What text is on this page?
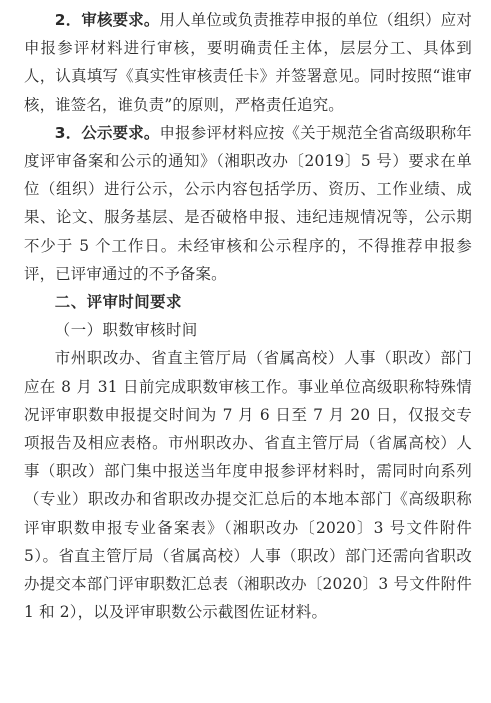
2．审核要求。用人单位或负责推荐申报的单位（组织）应对申报参评材料进行审核，要明确责任主体，层层分工、具体到人，认真填写《真实性审核责任卡》并签署意见。同时按照“谁审核，谁签名，谁负责”的原则，严格责任追究。

3．公示要求。申报参评材料应按《关于规范全省高级职称年度评审备案和公示的通知》（湘职改办〔2019〕5 号）要求在单位（组织）进行公示，公示内容包括学历、资历、工作业绩、成果、论文、服务基层、是否破格申报、违纪违规情况等，公示期不少于 5 个工作日。未经审核和公示程序的，不得推荐申报参评，已评审通过的不予备案。

二、评审时间要求

（一）职数审核时间

市州职改办、省直主管厅局（省属高校）人事（职改）部门应在 8 月 31 日前完成职数审核工作。事业单位高级职称特殊情况评审职数申报提交时间为 7 月 6 日至 7 月 20 日，仅报交专项报告及相应表格。市州职改办、省直主管厅局（省属高校）人事（职改）部门集中报送当年度申报参评材料时，需同时向系列（专业）职改办和省职改办提交汇总后的本地本部门《高级职称评审职数申报专业备案表》（湘职改办〔2020〕3 号文件附件 5）。省直主管厅局（省属高校）人事（职改）部门还需向省职改办提交本部门评审职数汇总表（湘职改办〔2020〕3 号文件附件 1 和 2），以及评审职数公示截图佐证材料。
